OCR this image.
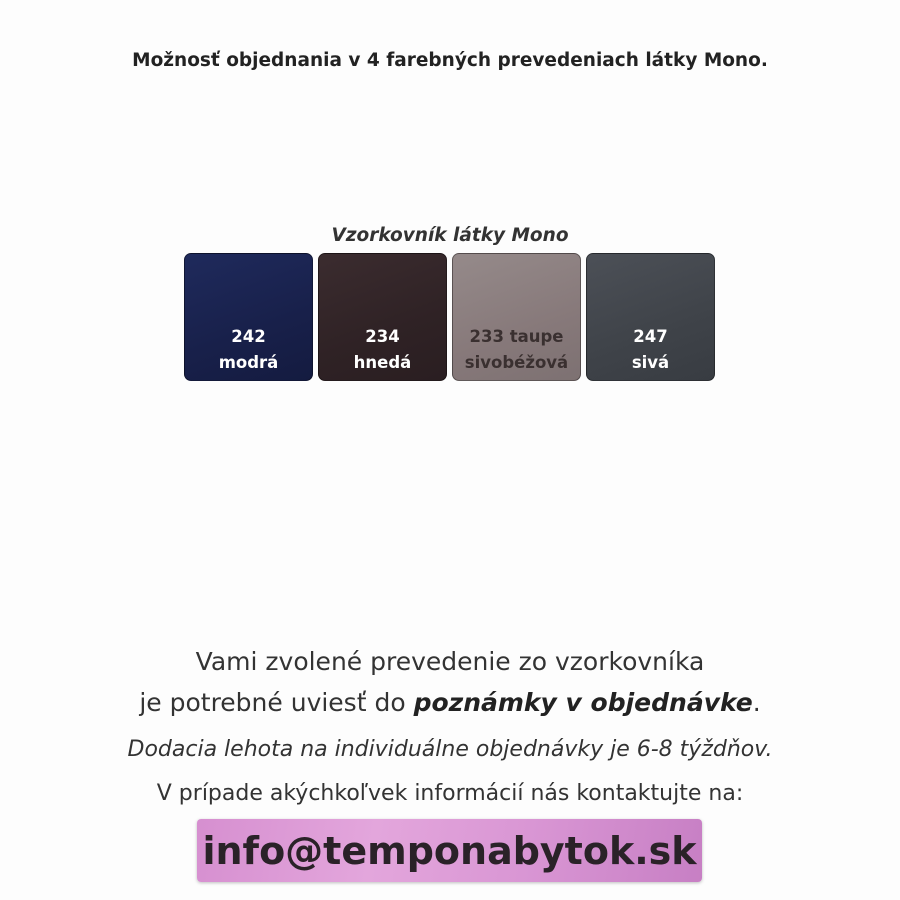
Možnosť objednania v 4 farebných prevedeniach látky Mono.
Vzorkovník látky Mono
242
modrá
234
hnedá
233 taupe
sivobéžová
247
sivá
Vami zvolené prevedenie zo vzorkovníka
je potrebné uviesť do poznámky v objednávke.
Dodacia lehota na individuálne objednávky je 6-8 týždňov.
V prípade akýchkoľvek informácií nás kontaktujte na:
info@temponabytok.sk
